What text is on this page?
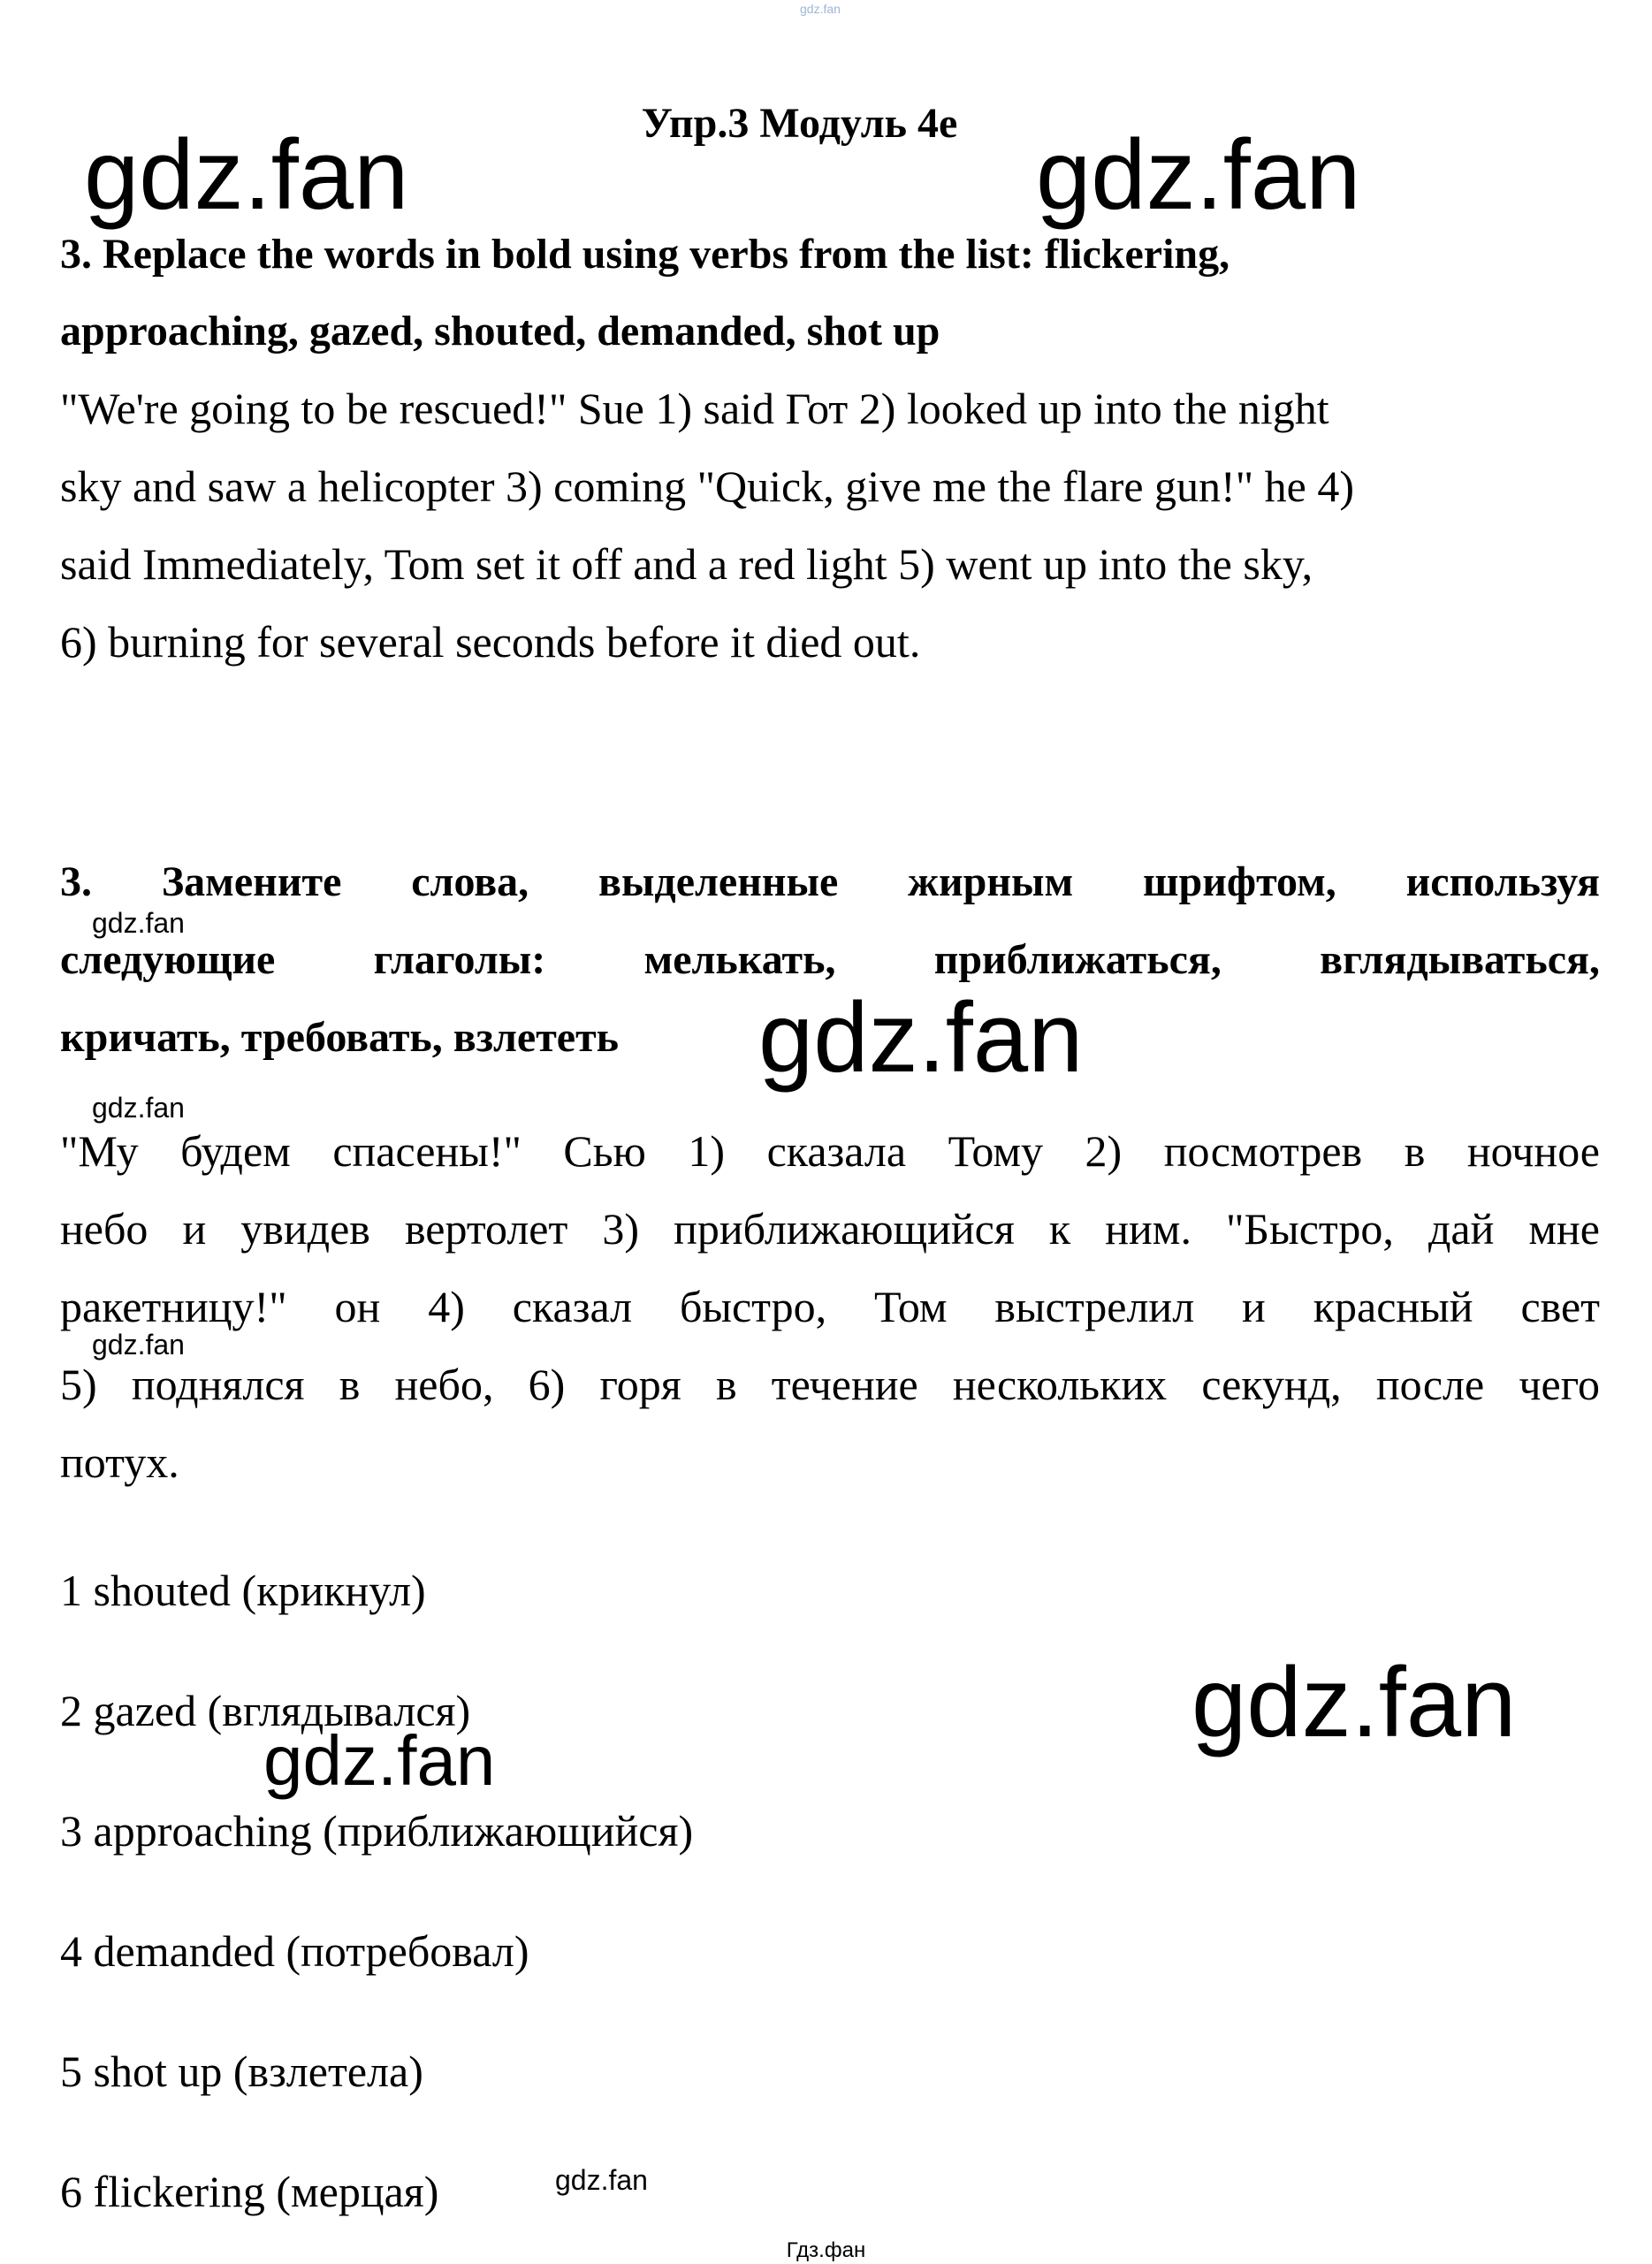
gdz.fan
Упр.3 Модуль 4е
gdz.fan	gdz.fan
3. Replace the words in bold using verbs from the list: flickering,
approaching, gazed, shouted, demanded, shot up
"We're going to be rescued!" Sue 1) said Гот 2) looked up into the night
sky and saw a helicopter 3) coming "Quick, give me the flare gun!" he 4)
said Immediately, Tom set it off and a red light 5) went up into the sky,
6) burning for several seconds before it died out.
3. Замените слова, выделенные жирным шрифтом, используя
следующие глаголы: мелькать, приближаться, вглядываться,
кричать, требовать, взлететь
"Му будем спасены!" Сью 1) сказала Тому 2) посмотрев в ночное
небо и увидев вертолет 3) приближающийся к ним. "Быстро, дай мне
ракетницу!" он 4) сказал быстро, Том выстрелил и красный свет
5) поднялся в небо, 6) горя в течение нескольких секунд, после чего
потух.
gdz.fan
gdz.fan
gdz.fan
gdz.fan
1 shouted (крикнул)
2 gazed (вглядывался)
3 approaching (приближающийся)
4 demanded (потребовал)
5 shot up (взлетела)
6 flickering (мерцая)
gdz.fan
gdz.fan
gdz.fan
Гдз.фан
